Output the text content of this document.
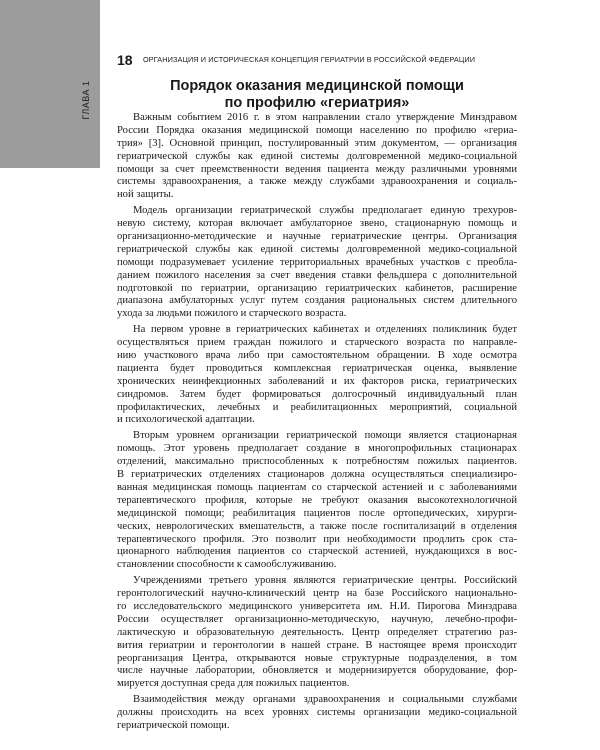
ГЛАВА 1
18 ОРГАНИЗАЦИЯ И ИСТОРИЧЕСКАЯ КОНЦЕПЦИЯ ГЕРИАТРИИ В РОССИЙСКОЙ ФЕДЕРАЦИИ
Порядок оказания медицинской помощи
по профилю «гериатрия»
Важным событием 2016 г. в этом направлении стало утверждение Минздравом
России Порядка оказания медицинской помощи населению по профилю «гериа-
трия» [3]. Основной принцип, постулированный этим документом, — организация
гериатрической службы как единой системы долговременной медико-социальной
помощи за счет преемственности ведения пациента между различными уровнями
системы здравоохранения, а также между службами здравоохранения и социаль-
ной защиты.
Модель организации гериатрической службы предполагает единую трехуров-
невую систему, которая включает амбулаторное звено, стационарную помощь и
организационно-методические и научные гериатрические центры. Организация
гериатрической службы как единой системы долговременной медико-социальной
помощи подразумевает усиление территориальных врачебных участков с преобла-
данием пожилого населения за счет введения ставки фельдшера с дополнительной
подготовкой по гериатрии, организацию гериатрических кабинетов, расширение
диапазона амбулаторных услуг путем создания рациональных систем длительного
ухода за людьми пожилого и старческого возраста.
На первом уровне в гериатрических кабинетах и отделениях поликлиник будет
осуществляться прием граждан пожилого и старческого возраста по направле-
нию участкового врача либо при самостоятельном обращении. В ходе осмотра
пациента будет проводиться комплексная гериатрическая оценка, выявление
хронических неинфекционных заболеваний и их факторов риска, гериатрических
синдромов. Затем будет формироваться долгосрочный индивидуальный план
профилактических, лечебных и реабилитационных мероприятий, социальной
и психологической адаптации.
Вторым уровнем организации гериатрической помощи является стационарная
помощь. Этот уровень предполагает создание в многопрофильных стационарах
отделений, максимально приспособленных к потребностям пожилых пациентов.
В гериатрических отделениях стационаров должна осуществляться специализиро-
ванная медицинская помощь пациентам со старческой астенией и с заболеваниями
терапевтического профиля, которые не требуют оказания высокотехнологичной
медицинской помощи; реабилитация пациентов после ортопедических, хирурги-
ческих, неврологических вмешательств, а также после госпитализаций в отделения
терапевтического профиля. Это позволит при необходимости продлить срок ста-
ционарного наблюдения пациентов со старческой астенией, нуждающихся в вос-
становлении способности к самообслуживанию.
Учреждениями третьего уровня являются гериатрические центры. Российский
геронтологический научно-клинический центр на базе Российского национально-
го исследовательского медицинского университета им. Н.И. Пирогова Минздрава
России осуществляет организационно-методическую, научную, лечебно-профи-
лактическую и образовательную деятельность. Центр определяет стратегию раз-
вития гериатрии и геронтологии в нашей стране. В настоящее время происходит
реорганизация Центра, открываются новые структурные подразделения, в том
числе научные лаборатории, обновляется и модернизируется оборудование, фор-
мируется доступная среда для пожилых пациентов.
Взаимодействия между органами здравоохранения и социальными службами
должны происходить на всех уровнях системы организации медико-социальной
гериатрической помощи.
